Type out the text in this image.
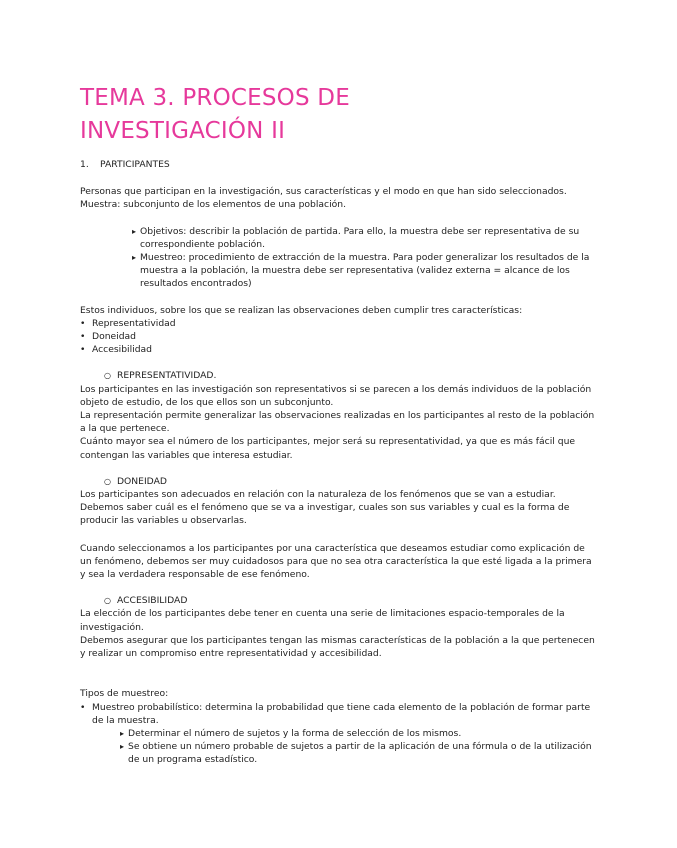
TEMA 3. PROCESOS DE
INVESTIGACIÓN II
1. PARTICIPANTES

Personas que participan en la investigación, sus características y el modo en que han sido seleccionados.

Muestra: subconjunto de los elementos de una población.

▸ Objetivos: describir la población de partida. Para ello, la muestra debe ser representativa de su correspondiente población.
▸ Muestreo: procedimiento de extracción de la muestra. Para poder generalizar los resultados de la muestra a la población, la muestra debe ser representativa (validez externa = alcance de los resultados encontrados)

Estos individuos, sobre los que se realizan las observaciones deben cumplir tres características:

• Representatividad
• Doneidad
• Accesibilidad
○ REPRESENTATIVIDAD.

Los participantes en las investigación son representativos si se parecen a los demás individuos de la población objeto de estudio, de los que ellos son un subconjunto.

La representación permite generalizar las observaciones realizadas en los participantes al resto de la población a la que pertenece.

Cuánto mayor sea el número de los participantes, mejor será su representatividad, ya que es más fácil que contengan las variables que interesa estudiar.

○ DONEIDAD

Los participantes son adecuados en relación con la naturaleza de los fenómenos que se van a estudiar.

Debemos saber cuál es el fenómeno que se va a investigar, cuales son sus variables y cual es la forma de producir las variables u observarlas.

Cuando seleccionamos a los participantes por una característica que deseamos estudiar como explicación de un fenómeno, debemos ser muy cuidadosos para que no sea otra característica la que esté ligada a la primera y sea la verdadera responsable de ese fenómeno.

○ ACCESIBILIDAD

La elección de los participantes debe tener en cuenta una serie de limitaciones espacio-temporales de la investigación.

Debemos asegurar que los participantes tengan las mismas características de la población a la que pertenecen y realizar un compromiso entre representatividad y accesibilidad.

Tipos de muestreo:

• Muestreo probabilístico: determina la probabilidad que tiene cada elemento de la población de formar parte de la muestra.
▸ Determinar el número de sujetos y la forma de selección de los mismos.
▸ Se obtiene un número probable de sujetos a partir de la aplicación de una fórmula o de la utilización de un programa estadístico.
